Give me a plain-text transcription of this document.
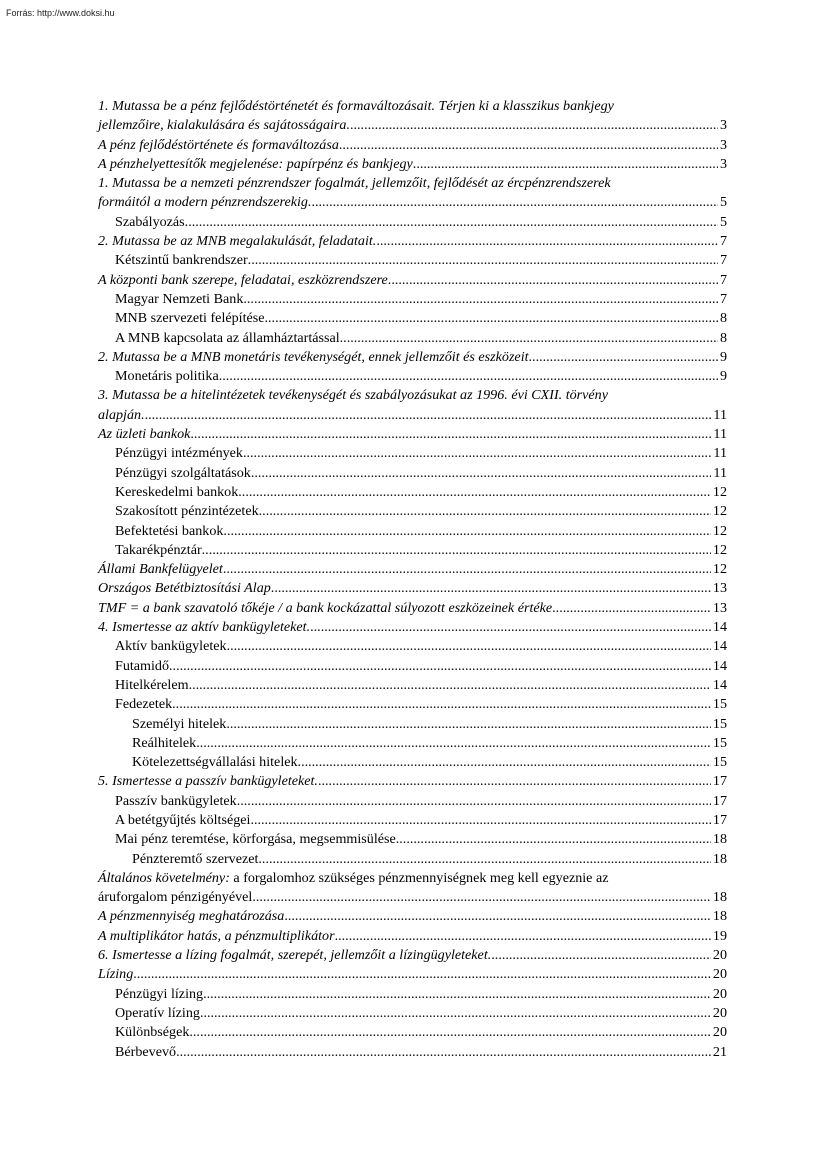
Forrás: http://www.doksi.hu
1. Mutassa be a pénz fejlődéstörténetét és formaváltozásait. Térjen ki a klasszikus bankjegy
jellemzőire, kialakulására és sajátosságaira. .....	3
A pénz fejlődéstörténete és formaváltozása .....	3
A pénzhelyettesítők megjelenése: papírpénz és bankjegy .....	3
1. Mutassa be a nemzeti pénzrendszer fogalmát, jellemzőit, fejlődését az ércpénzrendszerek
formáitól a modern pénzrendszerekig. .....	5
Szabályozás .....	5
2. Mutassa be az MNB megalakulását, feladatait. .....	7
Kétszintű bankrendszer .....	7
A központi bank szerepe, feladatai, eszközrendszere .....	7
Magyar Nemzeti Bank .....	7
MNB szervezeti felépítése .....	8
A MNB kapcsolata az államháztartással .....	8
2. Mutassa be a MNB monetáris tevékenységét, ennek jellemzőit és eszközeit .....	9
Monetáris politika .....	9
3. Mutassa be a hitelintézetek tevékenységét és szabályozásukat az 1996. évi CXII. törvény
alapján. .....	11
Az üzleti bankok .....	11
Pénzügyi intézmények .....	11
Pénzügyi szolgáltatások .....	11
Kereskedelmi bankok .....	12
Szakosított pénzintézetek .....	12
Befektetési bankok .....	12
Takarékpénztár .....	12
Állami Bankfelügyelet .....	12
Országos Betétbiztosítási Alap .....	13
TMF = a bank szavatoló tőkéje / a bank kockázattal súlyozott eszközeinek értéke .....	13
4. Ismertesse az aktív bankügyleteket. .....	14
Aktív bankügyletek .....	14
Futamidő .....	14
Hitelkérelem .....	14
Fedezetek .....	15
Személyi hitelek .....	15
Reálhitelek .....	15
Kötelezettségvállalási hitelek .....	15
5. Ismertesse a passzív bankügyleteket. .....	17
Passzív bankügyletek .....	17
A betétgyűjtés költségei .....	17
Mai pénz teremtése, körforgása, megsemmisülése .....	18
Pénzteremtő szervezet .....	18
Általános követelmény: a forgalomhoz szükséges pénzmennyiségnek meg kell egyeznie az
áruforgalom pénzigényével .....	18
A pénzmennyiség meghatározása .....	18
A multiplikátor hatás, a pénzmultiplikátor .....	19
6. Ismertesse a lízing fogalmát, szerepét, jellemzőit a lízingügyleteket. .....	20
Lízing .....	20
Pénzügyi lízing .....	20
Operatív lízing .....	20
Különbségek .....	20
Bérbevevő .....	21
